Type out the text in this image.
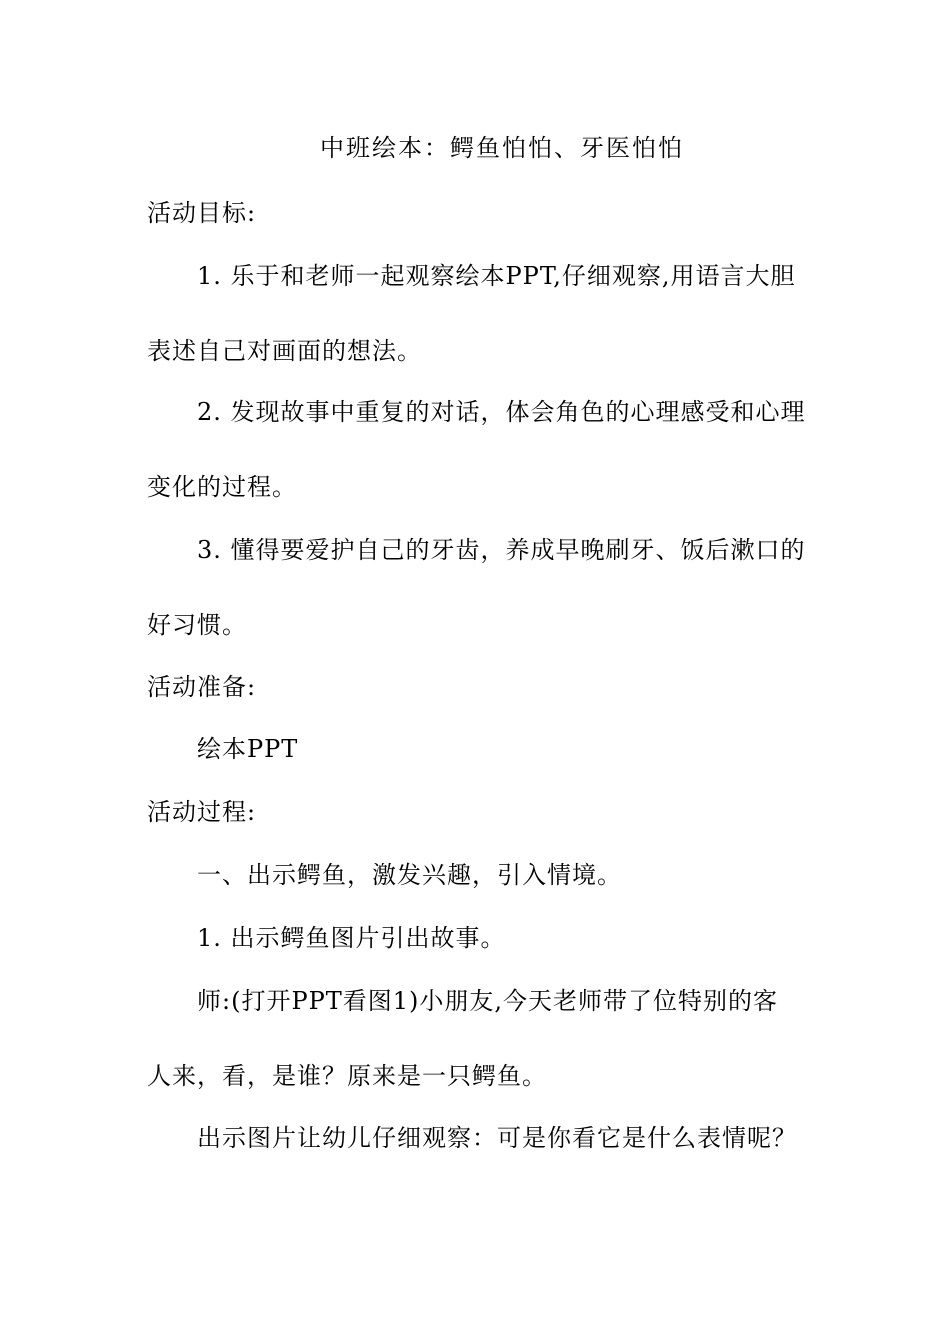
中班绘本：鳄鱼怕怕、牙医怕怕

活动目标:

1. 乐于和老师一起观察绘本PPT,仔细观察,用语言大胆

表述自己对画面的想法。

2. 发现故事中重复的对话，体会角色的心理感受和心理

变化的过程。

3. 懂得要爱护自己的牙齿，养成早晚刷牙、饭后漱口的

好习惯。

活动准备:

绘本PPT

活动过程:

一、出示鳄鱼，激发兴趣，引入情境。

1. 出示鳄鱼图片引出故事。

师:(打开PPT看图1)小朋友,今天老师带了位特别的客

人来，看，是谁？原来是一只鳄鱼。

出示图片让幼儿仔细观察：可是你看它是什么表情呢？
